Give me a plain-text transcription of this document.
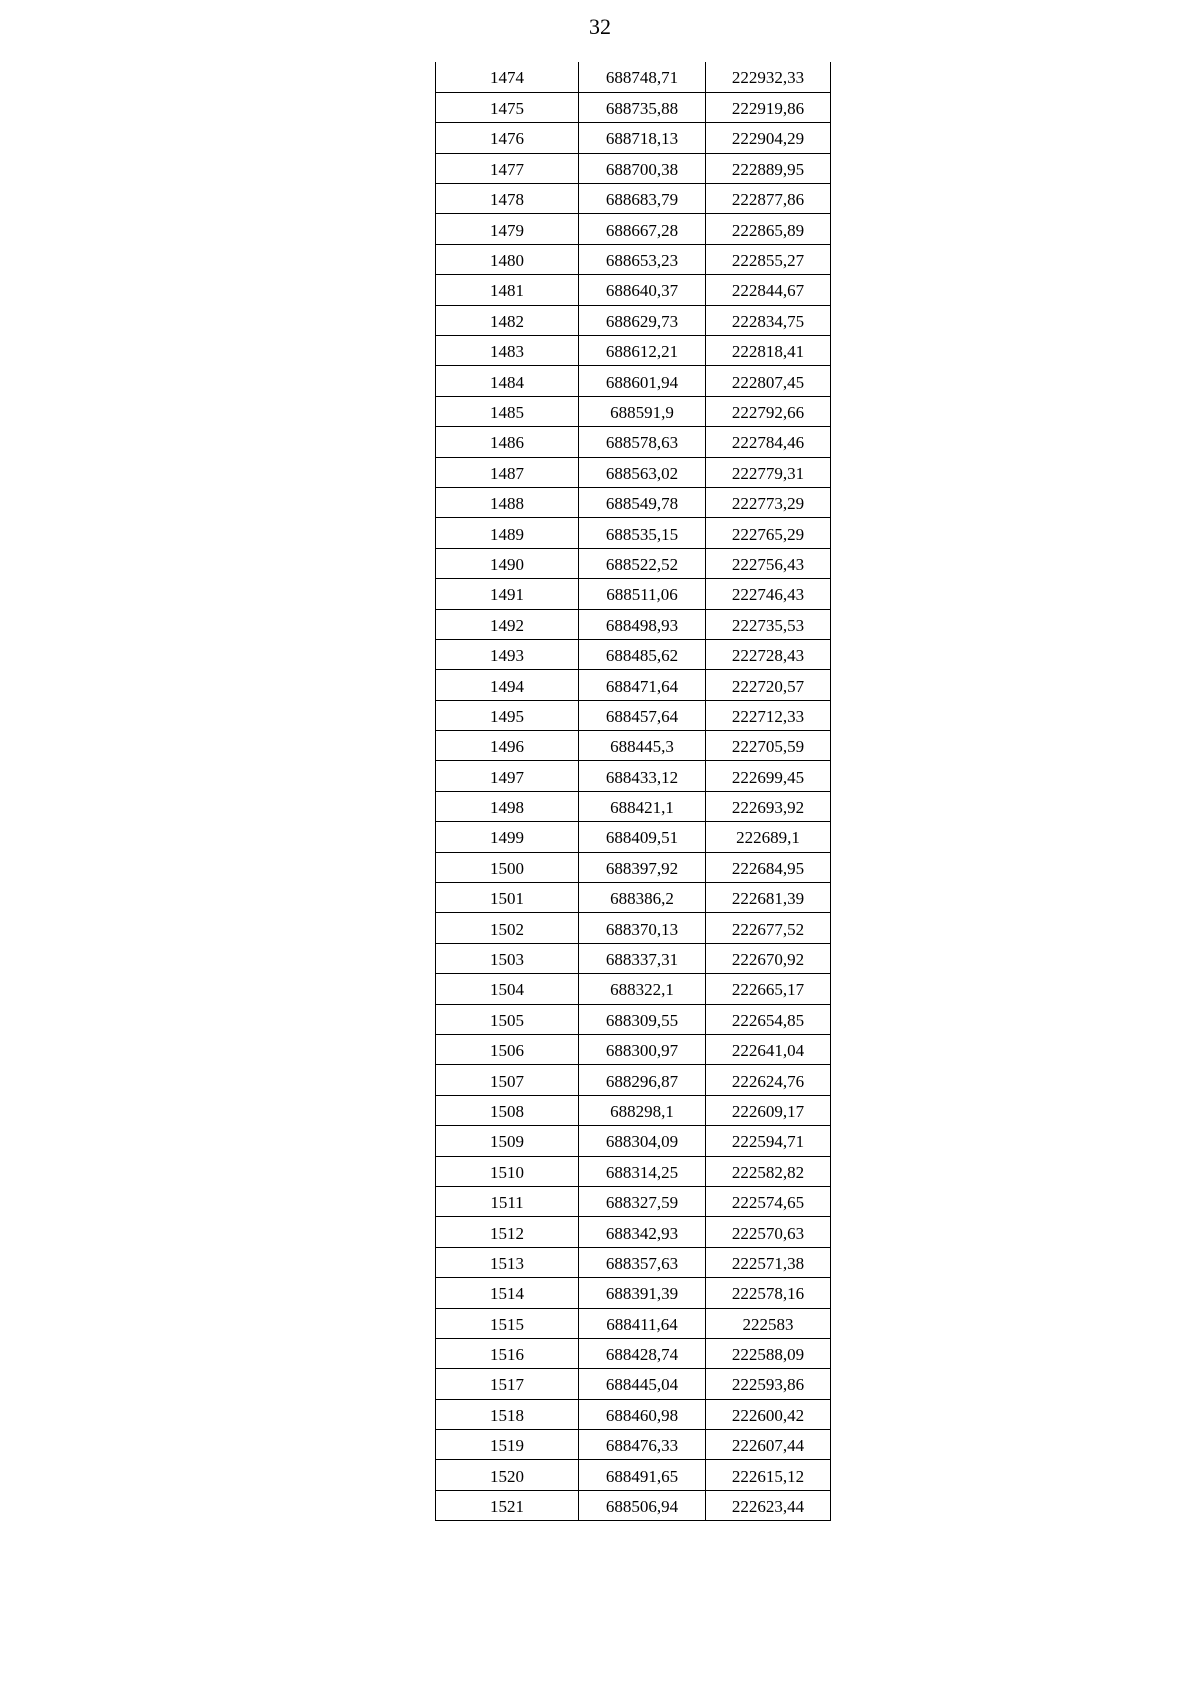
32
1474	688748,71	222932,33
1475	688735,88	222919,86
1476	688718,13	222904,29
1477	688700,38	222889,95
1478	688683,79	222877,86
1479	688667,28	222865,89
1480	688653,23	222855,27
1481	688640,37	222844,67
1482	688629,73	222834,75
1483	688612,21	222818,41
1484	688601,94	222807,45
1485	688591,9	222792,66
1486	688578,63	222784,46
1487	688563,02	222779,31
1488	688549,78	222773,29
1489	688535,15	222765,29
1490	688522,52	222756,43
1491	688511,06	222746,43
1492	688498,93	222735,53
1493	688485,62	222728,43
1494	688471,64	222720,57
1495	688457,64	222712,33
1496	688445,3	222705,59
1497	688433,12	222699,45
1498	688421,1	222693,92
1499	688409,51	222689,1
1500	688397,92	222684,95
1501	688386,2	222681,39
1502	688370,13	222677,52
1503	688337,31	222670,92
1504	688322,1	222665,17
1505	688309,55	222654,85
1506	688300,97	222641,04
1507	688296,87	222624,76
1508	688298,1	222609,17
1509	688304,09	222594,71
1510	688314,25	222582,82
1511	688327,59	222574,65
1512	688342,93	222570,63
1513	688357,63	222571,38
1514	688391,39	222578,16
1515	688411,64	222583
1516	688428,74	222588,09
1517	688445,04	222593,86
1518	688460,98	222600,42
1519	688476,33	222607,44
1520	688491,65	222615,12
1521	688506,94	222623,44
